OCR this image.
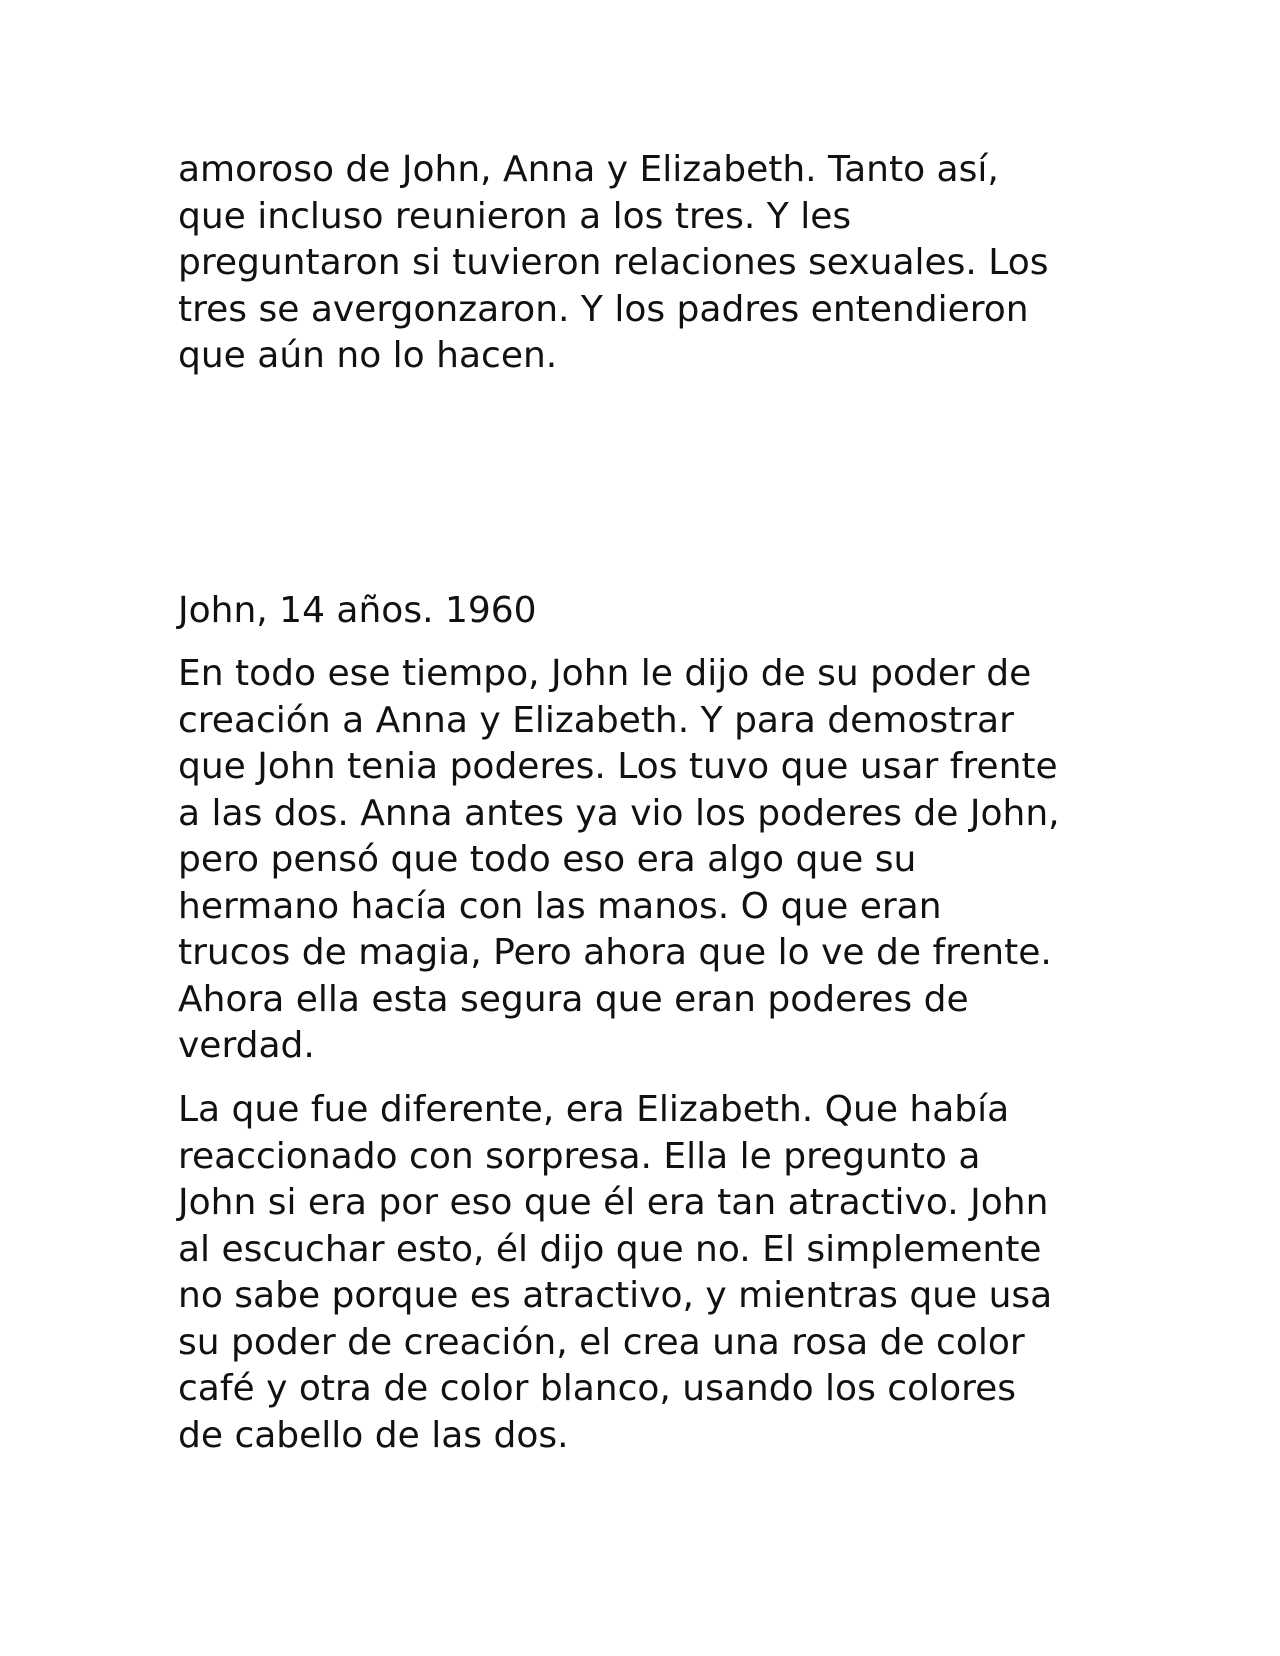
amoroso de John, Anna y Elizabeth. Tanto así,
que incluso reunieron a los tres. Y les
preguntaron si tuvieron relaciones sexuales. Los
tres se avergonzaron. Y los padres entendieron
que aún no lo hacen.

John, 14 años. 1960

En todo ese tiempo, John le dijo de su poder de
creación a Anna y Elizabeth. Y para demostrar
que John tenia poderes. Los tuvo que usar frente
a las dos. Anna antes ya vio los poderes de John,
pero pensó que todo eso era algo que su
hermano hacía con las manos. O que eran
trucos de magia, Pero ahora que lo ve de frente.
Ahora ella esta segura que eran poderes de
verdad.

La que fue diferente, era Elizabeth. Que había
reaccionado con sorpresa. Ella le pregunto a
John si era por eso que él era tan atractivo. John
al escuchar esto, él dijo que no. El simplemente
no sabe porque es atractivo, y mientras que usa
su poder de creación, el crea una rosa de color
café y otra de color blanco, usando los colores
de cabello de las dos.
